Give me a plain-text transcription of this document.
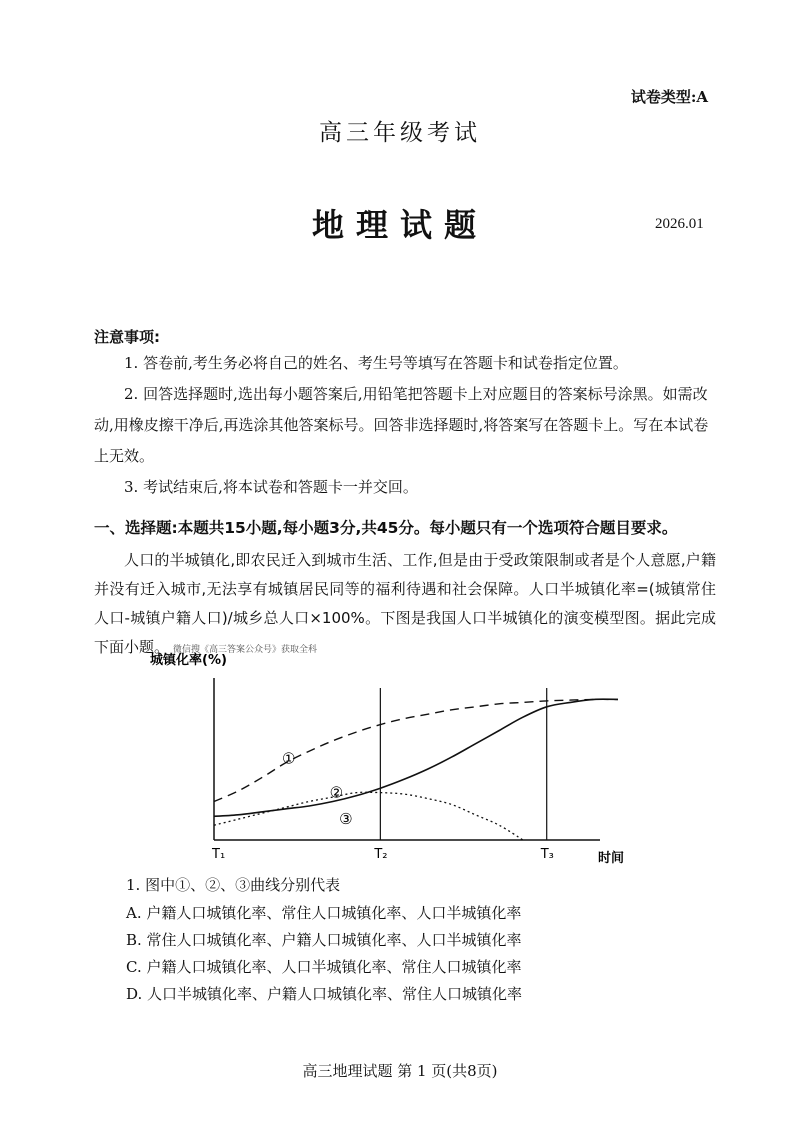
试卷类型:A
高三年级考试
地理试题	2026.01
注意事项:
1. 答卷前,考生务必将自己的姓名、考生号等填写在答题卡和试卷指定位置。
2. 回答选择题时,选出每小题答案后,用铅笔把答题卡上对应题目的答案标号涂黑。如需改动,用橡皮擦干净后,再选涂其他答案标号。回答非选择题时,将答案写在答题卡上。写在本试卷上无效。
3. 考试结束后,将本试卷和答题卡一并交回。
一、选择题:本题共15小题,每小题3分,共45分。每小题只有一个选项符合题目要求。
人口的半城镇化,即农民迁入到城市生活、工作,但是由于受政策限制或者是个人意愿,户籍并没有迁入城市,无法享有城镇居民同等的福利待遇和社会保障。人口半城镇化率=(城镇常住人口-城镇户籍人口)/城乡总人口×100%。下图是我国人口半城镇化的演变模型图。据此完成下面小题。 微信搜《高三答案公众号》获取全科
城镇化率(%)
①
②
③
T₁	T₂	T₃	时间
1. 图中①、②、③曲线分别代表
A. 户籍人口城镇化率、常住人口城镇化率、人口半城镇化率
B. 常住人口城镇化率、户籍人口城镇化率、人口半城镇化率
C. 户籍人口城镇化率、人口半城镇化率、常住人口城镇化率
D. 人口半城镇化率、户籍人口城镇化率、常住人口城镇化率
高三地理试题 第 1 页(共8页)
